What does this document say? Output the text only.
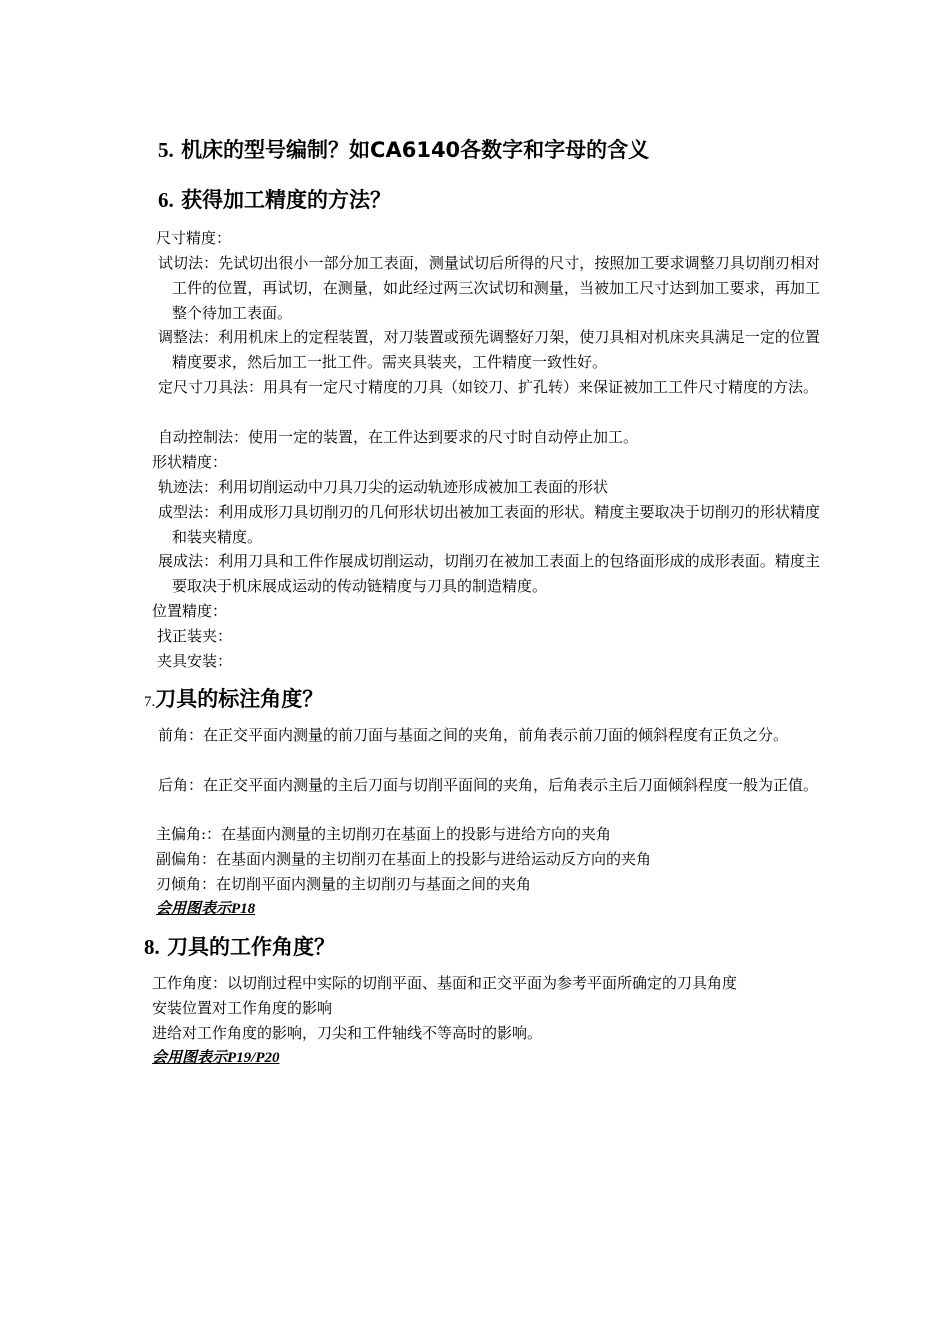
5. 机床的型号编制？如CA6140各数字和字母的含义
6. 获得加工精度的方法？
尺寸精度：
试切法：先试切出很小一部分加工表面，测量试切后所得的尺寸，按照加工要求调整刀具切削刃相对工件的位置，再试切，在测量，如此经过两三次试切和测量，当被加工尺寸达到加工要求，再加工整个待加工表面。
调整法：利用机床上的定程装置，对刀装置或预先调整好刀架，使刀具相对机床夹具满足一定的位置精度要求，然后加工一批工件。需夹具装夹，工件精度一致性好。
定尺寸刀具法：用具有一定尺寸精度的刀具（如铰刀、扩孔转）来保证被加工工件尺寸精度的方法。
自动控制法：使用一定的装置，在工件达到要求的尺寸时自动停止加工。
形状精度：
轨迹法：利用切削运动中刀具刀尖的运动轨迹形成被加工表面的形状
成型法：利用成形刀具切削刃的几何形状切出被加工表面的形状。精度主要取决于切削刃的形状精度和装夹精度。
展成法：利用刀具和工件作展成切削运动，切削刃在被加工表面上的包络面形成的成形表面。精度主要取决于机床展成运动的传动链精度与刀具的制造精度。
位置精度：
找正装夹：
夹具安装：
7.刀具的标注角度？
前角：在正交平面内测量的前刀面与基面之间的夹角，前角表示前刀面的倾斜程度有正负之分。
后角：在正交平面内测量的主后刀面与切削平面间的夹角，后角表示主后刀面倾斜程度一般为正值。
主偏角:：在基面内测量的主切削刃在基面上的投影与进给方向的夹角
副偏角：在基面内测量的主切削刃在基面上的投影与进给运动反方向的夹角
刃倾角：在切削平面内测量的主切削刃与基面之间的夹角
会用图表示P18
8. 刀具的工作角度？
工作角度：以切削过程中实际的切削平面、基面和正交平面为参考平面所确定的刀具角度
安装位置对工作角度的影响
进给对工作角度的影响，刀尖和工件轴线不等高时的影响。
会用图表示P19/P20
